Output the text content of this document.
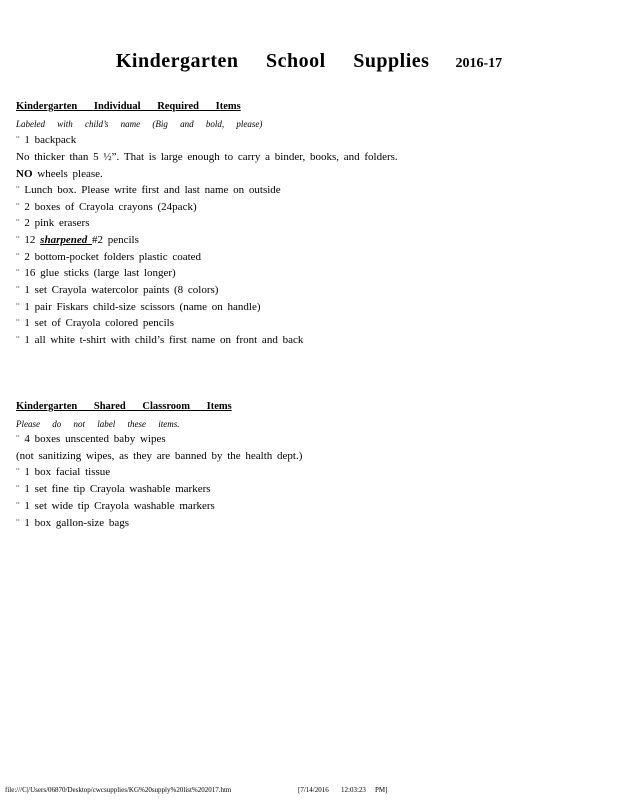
Kindergarten School Supplies 2016-17
Kindergarten Individual Required Items
Labeled with child’s name (Big and bold, please)
¨ 1 backpack
No thicker than 5 ½”. That is large enough to carry a binder, books, and folders.
NO wheels please.
¨ Lunch box. Please write first and last name on outside
¨ 2 boxes of Crayola crayons (24pack)
¨ 2 pink erasers
¨ 12 sharpened #2 pencils
¨ 2 bottom-pocket folders plastic coated
¨ 16 glue sticks (large last longer)
¨ 1 set Crayola watercolor paints (8 colors)
¨ 1 pair Fiskars child-size scissors (name on handle)
¨ 1 set of Crayola colored pencils
¨ 1 all white t-shirt with child’s first name on front and back
Kindergarten Shared Classroom Items
Please do not label these items.
¨ 4 boxes unscented baby wipes
(not sanitizing wipes, as they are banned by the health dept.)
¨ 1 box facial tissue
¨ 1 set fine tip Crayola washable markers
¨ 1 set wide tip Crayola washable markers
¨ 1 box gallon-size bags
file:///C|/Users/06870/Desktop/cwcsupplies/KG%20supply%20list%202017.htm	[7/14/2016 12:03:23 PM]
